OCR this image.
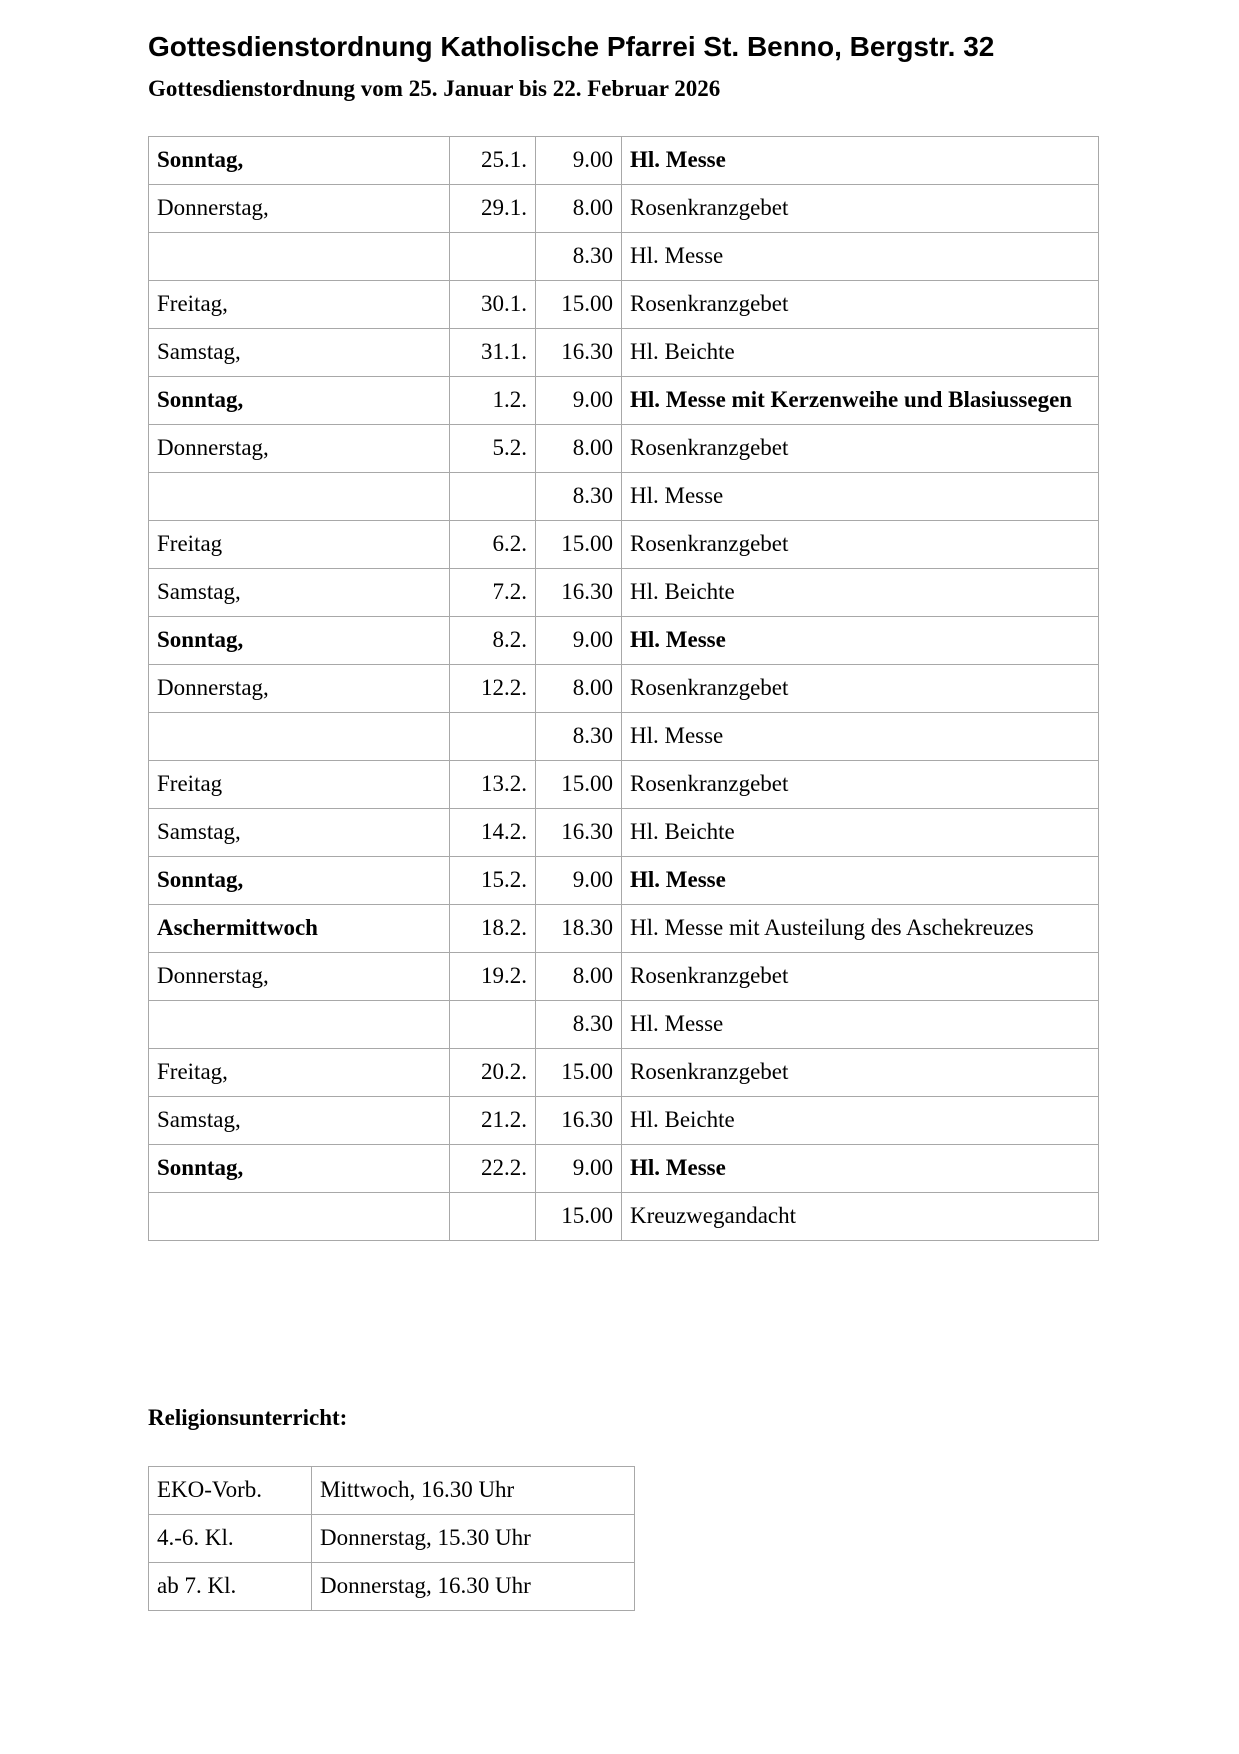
Gottesdienstordnung Katholische Pfarrei St. Benno, Bergstr. 32
Gottesdienstordnung vom 25. Januar bis 22. Februar 2026
Sonntag,	25.1.	9.00	Hl. Messe
Donnerstag,	29.1.	8.00	Rosenkranzgebet
		8.30	Hl. Messe
Freitag,	30.1.	15.00	Rosenkranzgebet
Samstag,	31.1.	16.30	Hl. Beichte
Sonntag,	1.2.	9.00	Hl. Messe mit Kerzenweihe und Blasiussegen
Donnerstag,	5.2.	8.00	Rosenkranzgebet
		8.30	Hl. Messe
Freitag	6.2.	15.00	Rosenkranzgebet
Samstag,	7.2.	16.30	Hl. Beichte
Sonntag,	8.2.	9.00	Hl. Messe
Donnerstag,	12.2.	8.00	Rosenkranzgebet
		8.30	Hl. Messe
Freitag	13.2.	15.00	Rosenkranzgebet
Samstag,	14.2.	16.30	Hl. Beichte
Sonntag,	15.2.	9.00	Hl. Messe
Aschermittwoch	18.2.	18.30	Hl. Messe mit Austeilung des Aschekreuzes
Donnerstag,	19.2.	8.00	Rosenkranzgebet
		8.30	Hl. Messe
Freitag,	20.2.	15.00	Rosenkranzgebet
Samstag,	21.2.	16.30	Hl. Beichte
Sonntag,	22.2.	9.00	Hl. Messe
		15.00	Kreuzwegandacht
Religionsunterricht:
EKO-Vorb.	Mittwoch, 16.30 Uhr
4.-6. Kl.	Donnerstag, 15.30 Uhr
ab 7. Kl.	Donnerstag, 16.30 Uhr
